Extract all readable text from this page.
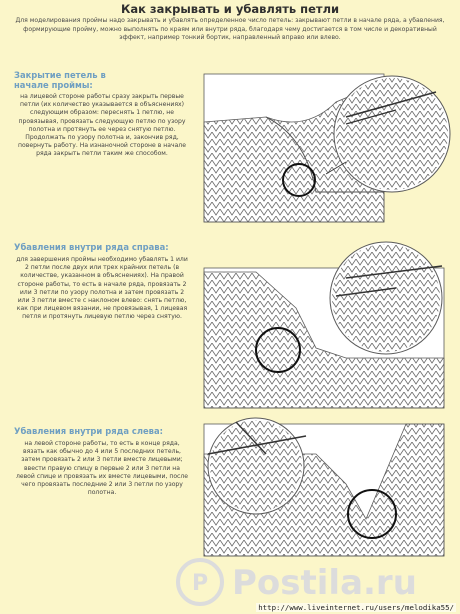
Как закрывать и убавлять петли
Для моделирования проймы надо закрывать и убавлять определенное число петель: закрывают петли в начале ряда, а убавления, формирующие пройму, можно выполнять по краям или внутри ряда, благодаря чему достигается в том числе и декоративный эффект, например тонкий бортик, направленный вправо или влево.
Закрытие петель в начале проймы:
на лицевой стороне работы сразу закрыть первые петли (их количество указывается в объяснениях) следующим образом: переснять 1 петлю, не провязывая, провязать следующую петлю по узору полотна и протянуть ее через снятую петлю. Продолжать по узору полотна и, закончив ряд, повернуть работу. На изнаночной стороне в начале ряда закрыть петли таким же способом.
Убавления внутри ряда справа:
для завершения проймы необходимо убавлять 1 или 2 петли после двух или трех крайних петель (в количестве, указанном в объяснениях). На правой стороне работы, то есть в начале ряда, провязать 2 или 3 петли по узору полотна и затем провязать 2 или 3 петли вместе с наклоном влево: снять петлю, как при лицевом вязании, не провязывая, 1 лицевая петля и протянуть лицевую петлю через снятую.
Убавления внутри ряда слева:
на левой стороне работы, то есть в конце ряда, вязать как обычно до 4 или 5 последних петель, затем провязать 2 или 3 петли вместе лицевыми; ввести правую спицу в первые 2 или 3 петли на левой спице и провязать их вместе лицевыми, после чего провязать последние 2 или 3 петли по узору полотна.
P Postila.ru
http://www.liveinternet.ru/users/melodika55/
